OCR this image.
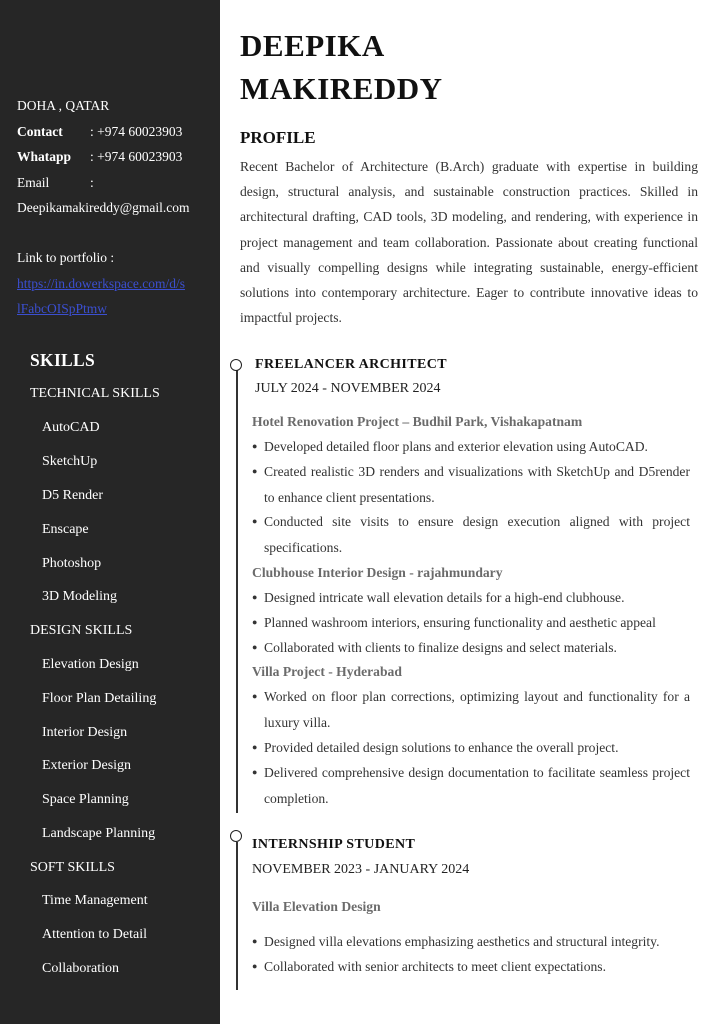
DOHA , QATAR
Contact : +974 60023903
Whatapp : +974 60023903
Email	:
Deepikamakireddy@gmail.com
Link to portfolio :
https://in.dowerkspace.com/d/s
lFabcOISpPtmw
SKILLS
TECHNICAL SKILLS
AutoCAD
SketchUp
D5 Render
Enscape
Photoshop
3D Modeling
DESIGN SKILLS
Elevation Design
Floor Plan Detailing
Interior Design
Exterior Design
Space Planning
Landscape Planning
SOFT SKILLS
Time Management
Attention to Detail
Collaboration
DEEPIKA
MAKIREDDY
PROFILE
Recent Bachelor of Architecture (B.Arch) graduate with expertise in building design, structural analysis, and sustainable construction practices. Skilled in architectural drafting, CAD tools, 3D modeling, and rendering, with experience in project management and team collaboration. Passionate about creating functional and visually compelling designs while integrating sustainable, energy-efficient solutions into contemporary architecture. Eager to contribute innovative ideas to impactful projects.
FREELANCER ARCHITECT
JULY 2024 - NOVEMBER 2024
Hotel Renovation Project – Budhil Park, Vishakapatnam
● Developed detailed floor plans and exterior elevation using AutoCAD.
● Created realistic 3D renders and visualizations with SketchUp and D5render to enhance client presentations.
● Conducted site visits to ensure design execution aligned with project specifications.
Clubhouse Interior Design - rajahmundary
● Designed intricate wall elevation details for a high-end clubhouse.
● Planned washroom interiors, ensuring functionality and aesthetic appeal
● Collaborated with clients to finalize designs and select materials.
Villa Project - Hyderabad
● Worked on floor plan corrections, optimizing layout and functionality for a luxury villa.
● Provided detailed design solutions to enhance the overall project.
● Delivered comprehensive design documentation to facilitate seamless project completion.
INTERNSHIP STUDENT
NOVEMBER 2023 - JANUARY 2024
Villa Elevation Design
● Designed villa elevations emphasizing aesthetics and structural integrity.
● Collaborated with senior architects to meet client expectations.
